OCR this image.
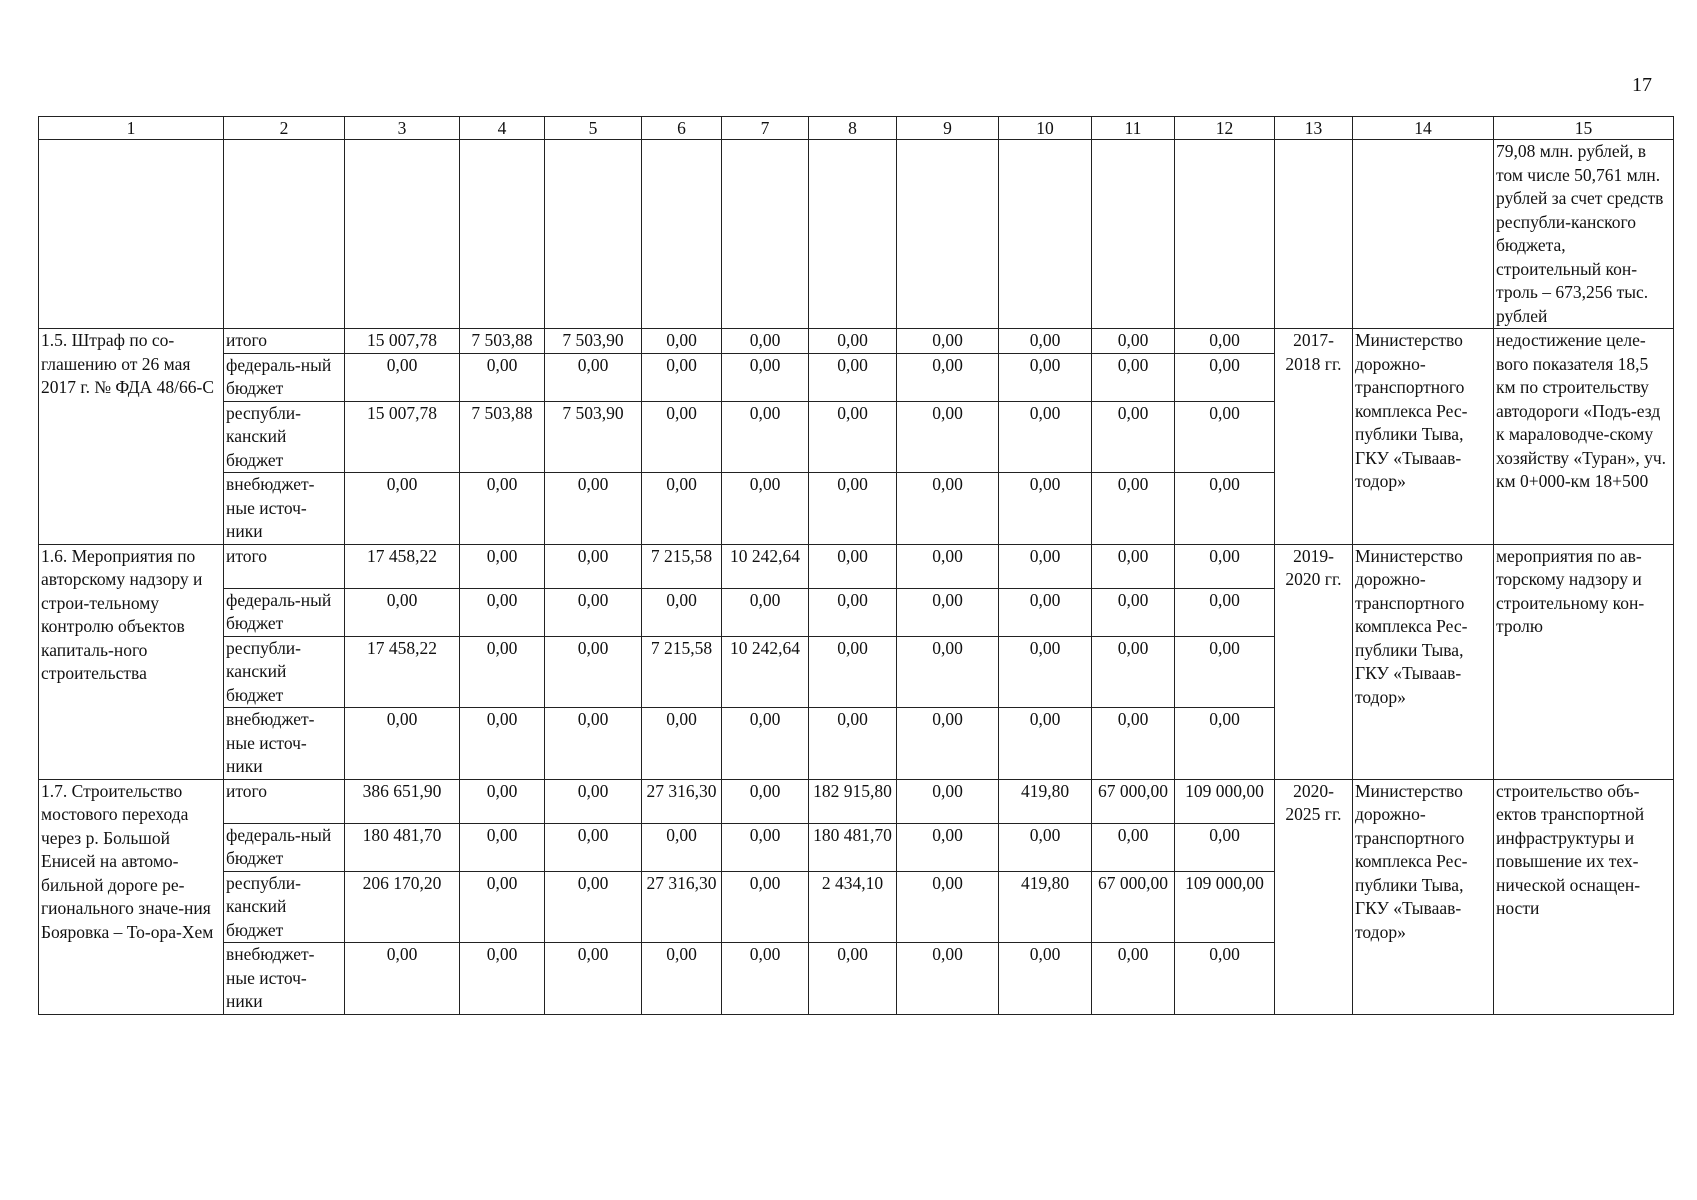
17
1	2	3	4	5	6	7	8	9	10	11	12	13	14	15
														79,08 млн. рублей, в том числе 50,761 млн. рублей за счет средств республи-канского бюджета, строительный кон-троль – 673,256 тыс. рублей
1.5. Штраф по со-глашению от 26 мая 2017 г. № ФДА 48/66-С	итого	15 007,78	7 503,88	7 503,90	0,00	0,00	0,00	0,00	0,00	0,00	0,00	2017-2018 гг.	Министерство дорожно-транспортного комплекса Рес-публики Тыва, ГКУ «Тываав-тодор»	недостижение целе-вого показателя 18,5 км по строительству автодороги «Подъ-езд к мараловодче-скому хозяйству «Туран», уч. км 0+000-км 18+500
	федераль-ный бюджет	0,00	0,00	0,00	0,00	0,00	0,00	0,00	0,00	0,00	0,00			
	республи-канский бюджет	15 007,78	7 503,88	7 503,90	0,00	0,00	0,00	0,00	0,00	0,00	0,00			
	внебюджет-ные источ-ники	0,00	0,00	0,00	0,00	0,00	0,00	0,00	0,00	0,00	0,00			
1.6. Мероприятия по авторскому надзору и строи-тельному контролю объектов капиталь-ного строительства	итого	17 458,22	0,00	0,00	7 215,58	10 242,64	0,00	0,00	0,00	0,00	0,00	2019-2020 гг.	Министерство дорожно-транспортного комплекса Рес-публики Тыва, ГКУ «Тываав-тодор»	мероприятия по ав-торскому надзору и строительному кон-тролю
	федераль-ный бюджет	0,00	0,00	0,00	0,00	0,00	0,00	0,00	0,00	0,00	0,00			
	республи-канский бюджет	17 458,22	0,00	0,00	7 215,58	10 242,64	0,00	0,00	0,00	0,00	0,00			
	внебюджет-ные источ-ники	0,00	0,00	0,00	0,00	0,00	0,00	0,00	0,00	0,00	0,00			
1.7. Строительство мостового перехода через р. Большой Енисей на автомо-бильной дороге ре-гионального значе-ния Бояровка – То-ора-Хем	итого	386 651,90	0,00	0,00	27 316,30	0,00	182 915,80	0,00	419,80	67 000,00	109 000,00	2020-2025 гг.	Министерство дорожно-транспортного комплекса Рес-публики Тыва, ГКУ «Тываав-тодор»	строительство объ-ектов транспортной инфраструктуры и повышение их тех-нической оснащен-ности
	федераль-ный бюджет	180 481,70	0,00	0,00	0,00	0,00	180 481,70	0,00	0,00	0,00	0,00			
	республи-канский бюджет	206 170,20	0,00	0,00	27 316,30	0,00	2 434,10	0,00	419,80	67 000,00	109 000,00			
	внебюджет-ные источ-ники	0,00	0,00	0,00	0,00	0,00	0,00	0,00	0,00	0,00	0,00			
